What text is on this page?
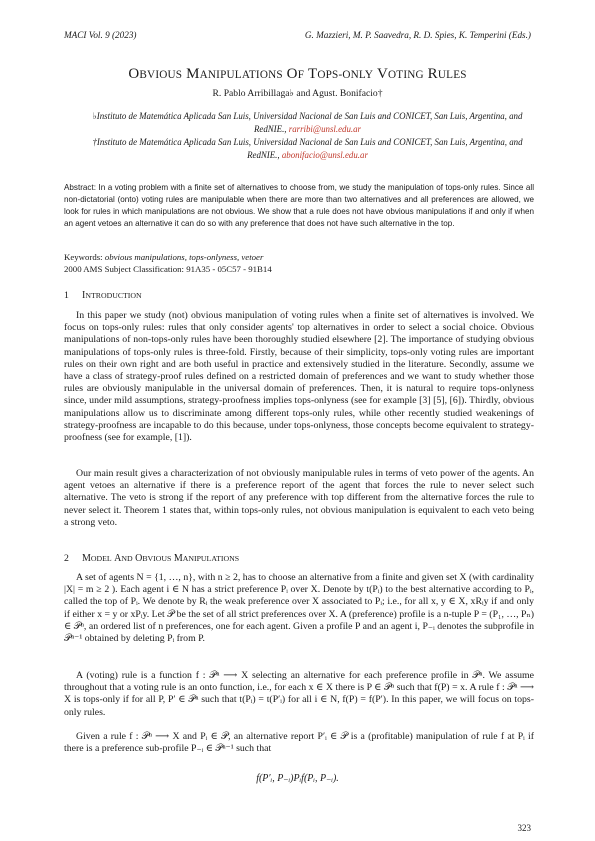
MACI Vol. 9 (2023)	G. Mazzieri, M. P. Saavedra, R. D. Spies, K. Temperini (Eds.)
OBVIOUS MANIPULATIONS OF TOPS-ONLY VOTING RULES
R. Pablo Arribillaga♭ and Agust. Bonifacio†
♭Instituto de Matemática Aplicada San Luis, Universidad Nacional de San Luis and CONICET, San Luis, Argentina, and RedNIE., rarribi@unsl.edu.ar
†Instituto de Matemática Aplicada San Luis, Universidad Nacional de San Luis and CONICET, San Luis, Argentina, and RedNIE., abonifacio@unsl.edu.ar
Abstract: In a voting problem with a finite set of alternatives to choose from, we study the manipulation of tops-only rules. Since all non-dictatorial (onto) voting rules are manipulable when there are more than two alternatives and all preferences are allowed, we look for rules in which manipulations are not obvious. We show that a rule does not have obvious manipulations if and only if when an agent vetoes an alternative it can do so with any preference that does not have such alternative in the top.
Keywords: obvious manipulations, tops-onlyness, vetoer
2000 AMS Subject Classification: 91A35 - 05C57 - 91B14
1 INTRODUCTION
In this paper we study (not) obvious manipulation of voting rules when a finite set of alternatives is involved. We focus on tops-only rules: rules that only consider agents' top alternatives in order to select a social choice. Obvious manipulations of non-tops-only rules have been thoroughly studied elsewhere [2]. The importance of studying obvious manipulations of tops-only rules is three-fold. Firstly, because of their simplicity, tops-only voting rules are important rules on their own right and are both useful in practice and extensively studied in the literature. Secondly, assume we have a class of strategy-proof rules defined on a restricted domain of preferences and we want to study whether those rules are obviously manipulable in the universal domain of preferences. Then, it is natural to require tops-onlyness since, under mild assumptions, strategy-proofness implies tops-onlyness (see for example [3] [5], [6]). Thirdly, obvious manipulations allow us to discriminate among different tops-only rules, while other recently studied weakenings of strategy-proofness are incapable to do this because, under tops-onlyness, those concepts become equivalent to strategy-proofness (see for example, [1]).
Our main result gives a characterization of not obviously manipulable rules in terms of veto power of the agents. An agent vetoes an alternative if there is a preference report of the agent that forces the rule to never select such alternative. The veto is strong if the report of any preference with top different from the alternative forces the rule to never select it. Theorem 1 states that, within tops-only rules, not obvious manipulation is equivalent to each veto being a strong veto.
2 MODEL AND OBVIOUS MANIPULATIONS
A set of agents N = {1, …, n}, with n ≥ 2, has to choose an alternative from a finite and given set X (with cardinality |X| = m ≥ 2 ). Each agent i ∈ N has a strict preference Pᵢ over X. Denote by t(Pᵢ) to the best alternative according to Pᵢ, called the top of Pᵢ. We denote by Rᵢ the weak preference over X associated to Pᵢ; i.e., for all x, y ∈ X, xRᵢy if and only if either x = y or xPᵢy. Let 𝒫 be the set of all strict preferences over X. A (preference) profile is a n-tuple P = (P₁, …, Pₙ) ∈ 𝒫ⁿ, an ordered list of n preferences, one for each agent. Given a profile P and an agent i, P₋ᵢ denotes the subprofile in 𝒫ⁿ⁻¹ obtained by deleting Pᵢ from P.
A (voting) rule is a function f : 𝒫ⁿ ⟶ X selecting an alternative for each preference profile in 𝒫ⁿ. We assume throughout that a voting rule is an onto function, i.e., for each x ∈ X there is P ∈ 𝒫ⁿ such that f(P) = x. A rule f : 𝒫ⁿ ⟶ X is tops-only if for all P, P′ ∈ 𝒫ⁿ such that t(Pᵢ) = t(P′ᵢ) for all i ∈ N, f(P) = f(P′). In this paper, we will focus on tops-only rules.
Given a rule f : 𝒫ⁿ ⟶ X and Pᵢ ∈ 𝒫, an alternative report P′ᵢ ∈ 𝒫 is a (profitable) manipulation of rule f at Pᵢ if there is a preference sub-profile P₋ᵢ ∈ 𝒫ⁿ⁻¹ such that
f(P′ᵢ, P₋ᵢ)Pᵢf(Pᵢ, P₋ᵢ).
323
